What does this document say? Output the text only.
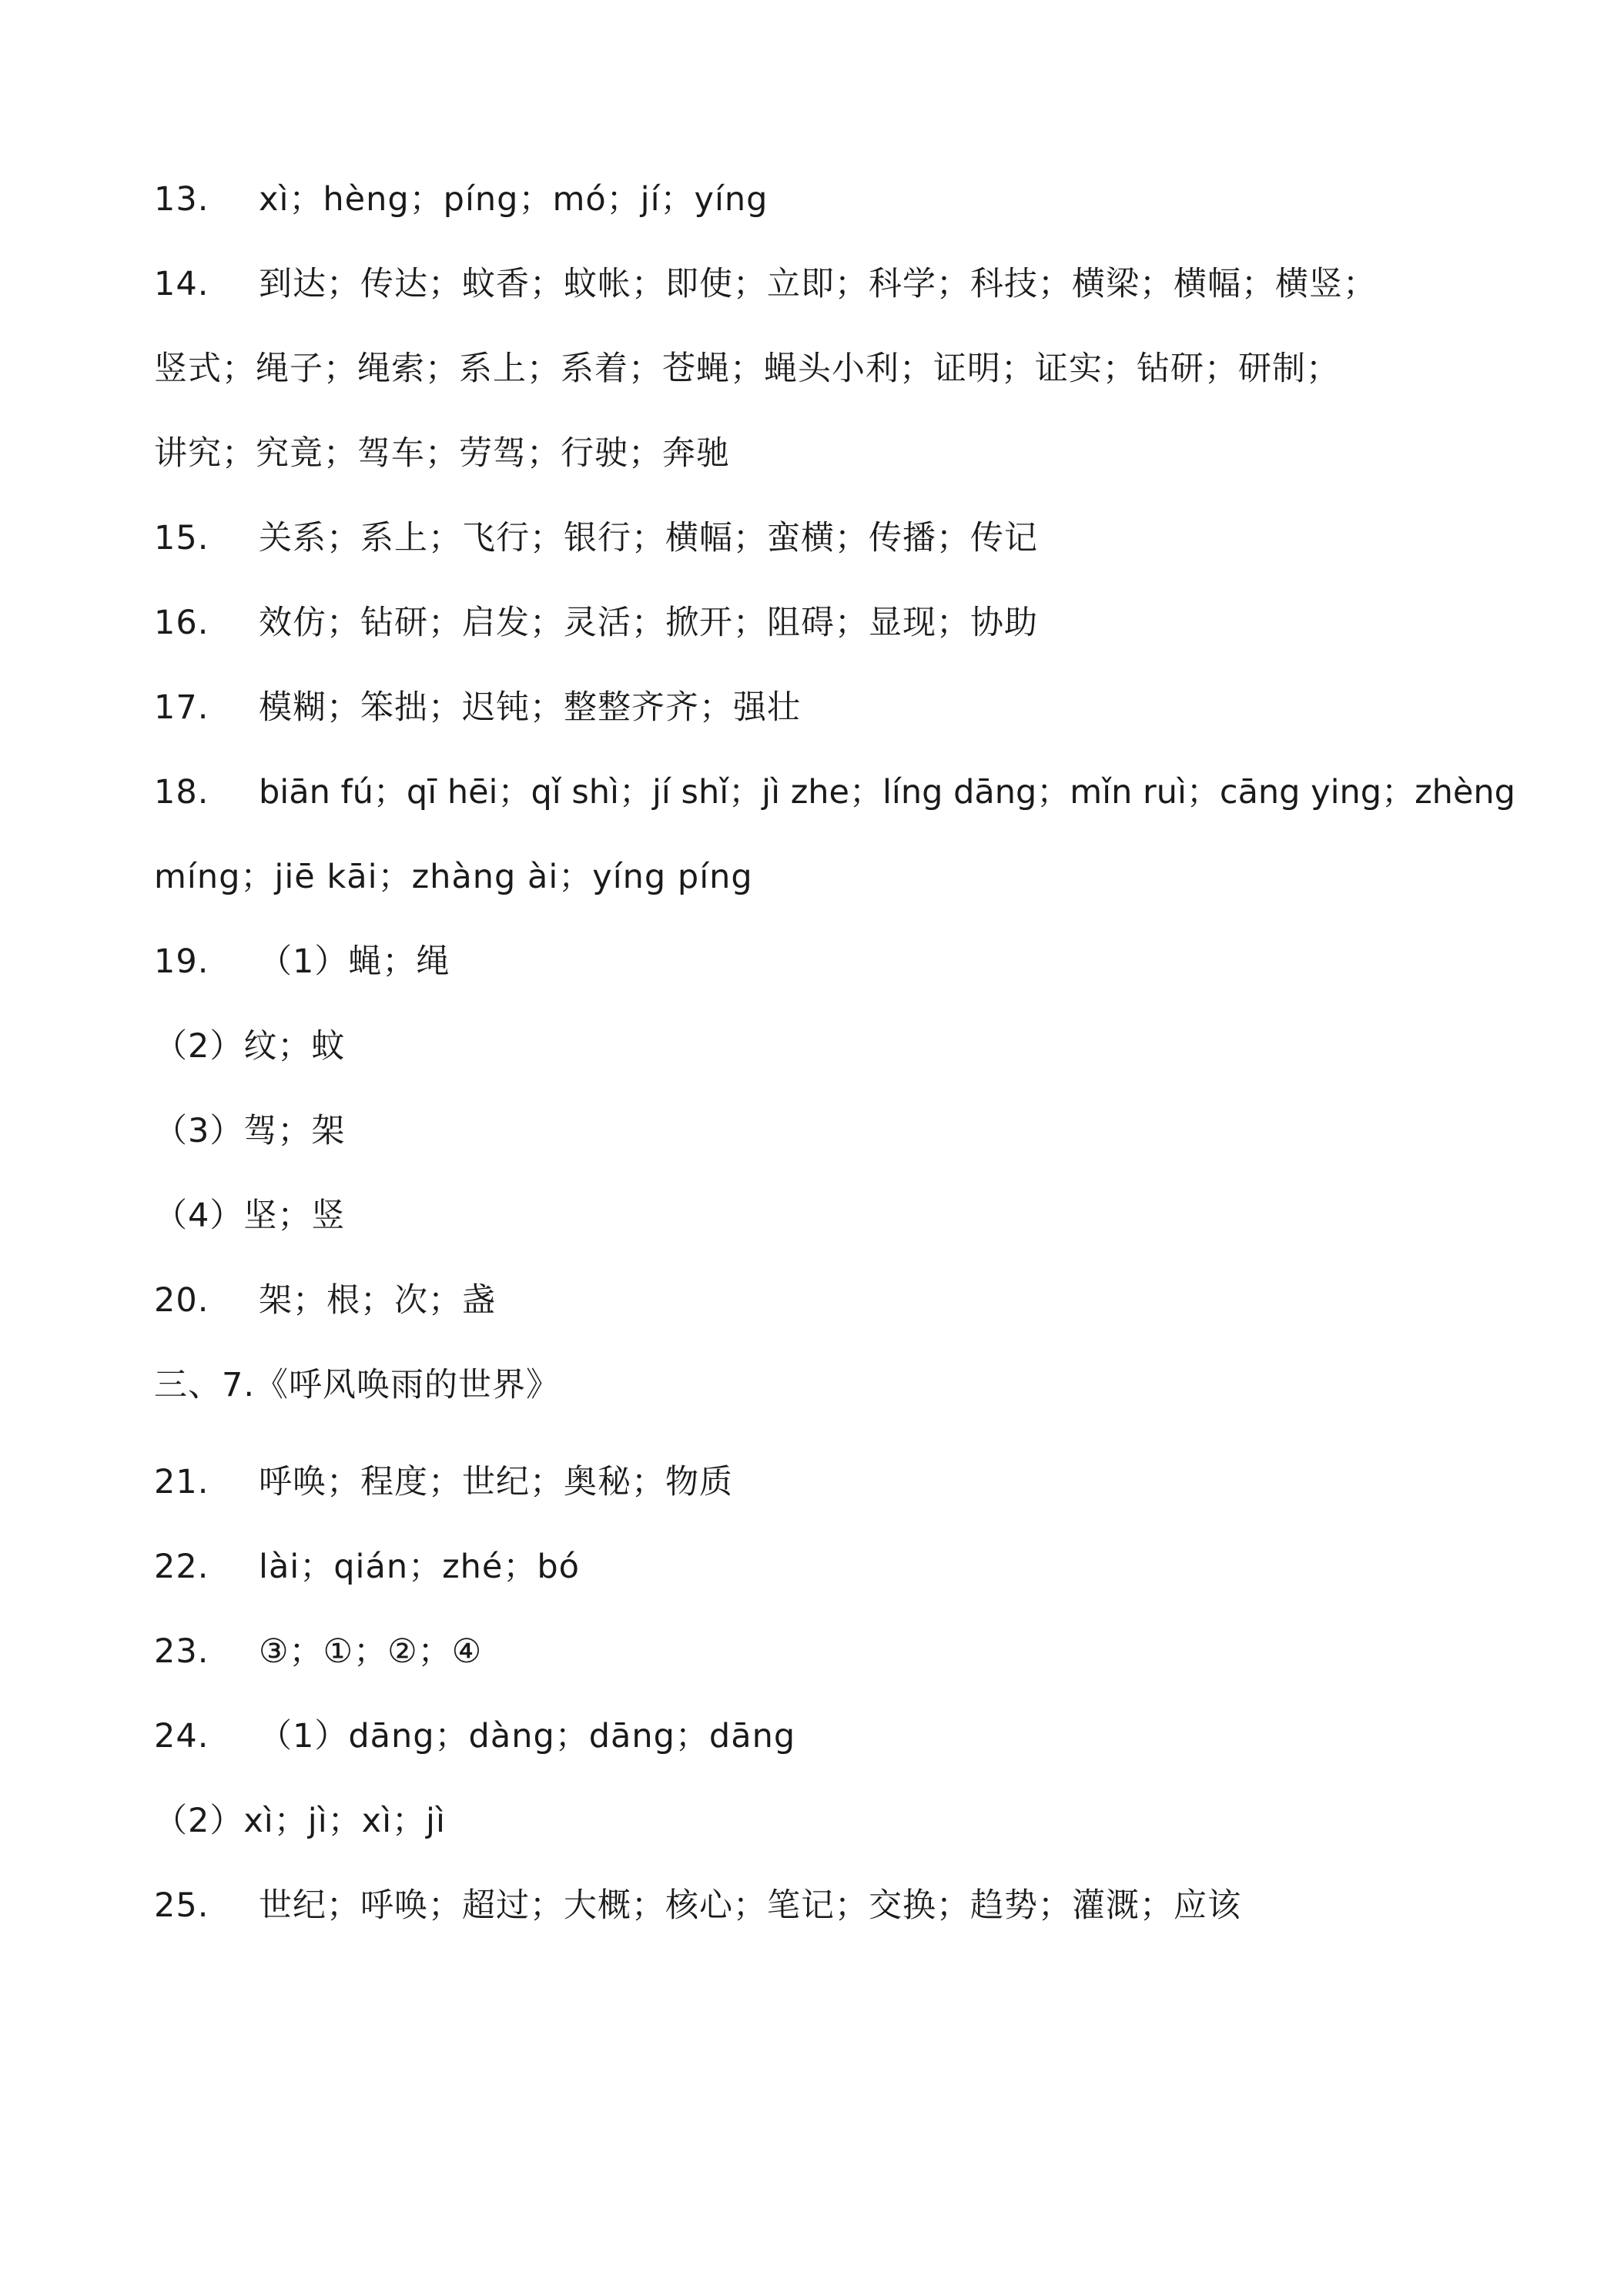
13. xì；hèng；píng；mó；jí；yíng
14. 到达；传达；蚊香；蚊帐；即使；立即；科学；科技；横梁；横幅；横竖；
竖式；绳子；绳索；系上；系着；苍蝇；蝇头小利；证明；证实；钻研；研制；
讲究；究竟；驾车；劳驾；行驶；奔驰
15. 关系；系上；飞行；银行；横幅；蛮横；传播；传记
16. 效仿；钻研；启发；灵活；掀开；阻碍；显现；协助
17. 模糊；笨拙；迟钝；整整齐齐；强壮
18. biān fú；qī hēi；qǐ shì；jí shǐ；jì zhe；líng dāng；mǐn ruì；cāng ying；zhèng
míng；jiē kāi；zhàng ài；yíng píng
19. （1）蝇；绳
（2）纹；蚊
（3）驾；架
（4）坚；竖
20. 架；根；次；盏
三、7.《呼风唤雨的世界》
21. 呼唤；程度；世纪；奥秘；物质
22. lài；qián；zhé；bó
23. ③；①；②；④
24. （1）dāng；dàng；dāng；dāng
（2）xì；jì；xì；jì
25. 世纪；呼唤；超过；大概；核心；笔记；交换；趋势；灌溉；应该
